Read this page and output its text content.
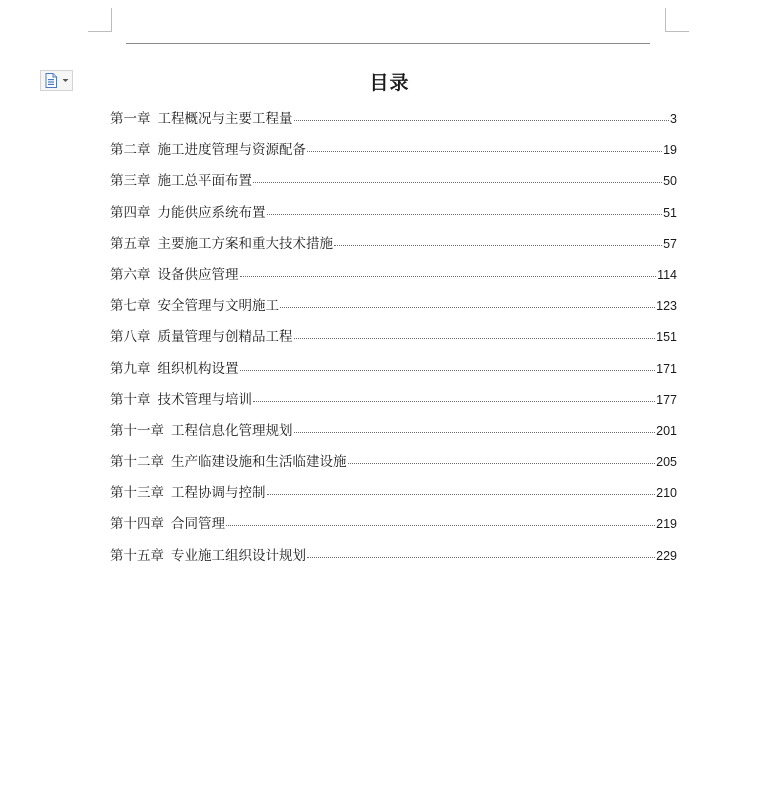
目录
第一章 工程概况与主要工程量	3
第二章 施工进度管理与资源配备	19
第三章 施工总平面布置	50
第四章 力能供应系统布置	51
第五章 主要施工方案和重大技术措施	57
第六章 设备供应管理	114
第七章 安全管理与文明施工	123
第八章 质量管理与创精品工程	151
第九章 组织机构设置	171
第十章 技术管理与培训	177
第十一章 工程信息化管理规划	201
第十二章 生产临建设施和生活临建设施	205
第十三章 工程协调与控制	210
第十四章 合同管理	219
第十五章 专业施工组织设计规划	229
